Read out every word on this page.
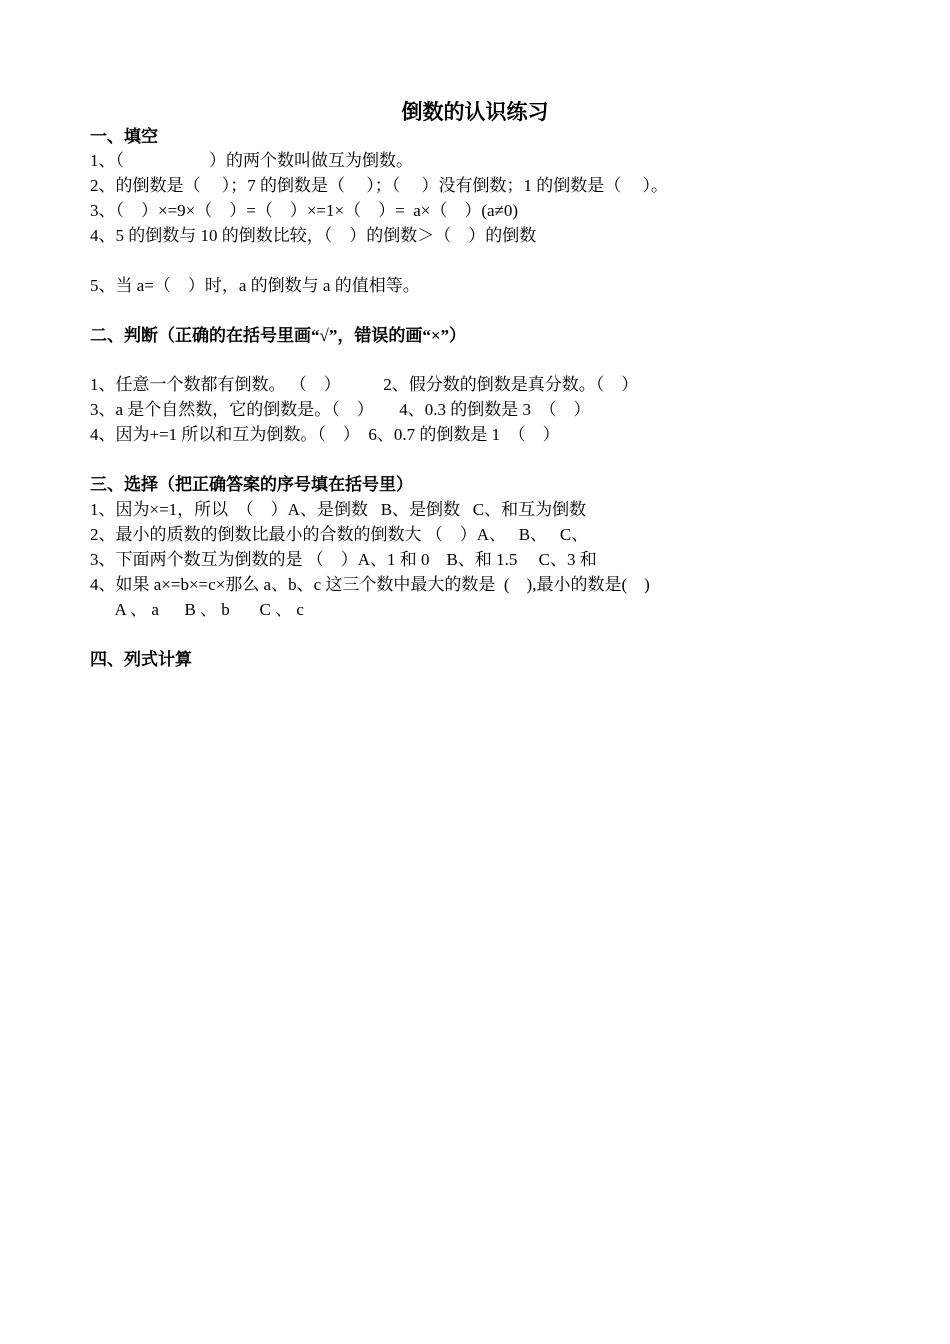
倒数的认识练习
一、填空
1、（　　　　　）的两个数叫做互为倒数。
2、的倒数是（　 ）；7 的倒数是（　 ）；（　 ）没有倒数；1 的倒数是（　 ）。
3、（　）×=9×（　）=（　）×=1×（　）=  a×（　）(a≠0)
4、5 的倒数与 10 的倒数比较，（　）的倒数＞（　）的倒数
5、当 a=（　）时，a 的倒数与 a 的值相等。
二、判断（正确的在括号里画“√”，错误的画“×”）
1、任意一个数都有倒数。 （　）　　　2、假分数的倒数是真分数。（　）
3、a 是个自然数，它的倒数是。（　）　　4、0.3 的倒数是 3　（　）
4、因为+=1 所以和互为倒数。（　）  6、0.7 的倒数是 1  （　）
三、选择（把正确答案的序号填在括号里）
1、因为×=1，所以  （　）A、是倒数   B、是倒数   C、和互为倒数
2、最小的质数的倒数比最小的合数的倒数大 （　）A、　 B、　 C、
3、下面两个数互为倒数的是 （　）A、1 和 0    B、和 1.5     C、3 和
4、如果 a×=b×=c×那么 a、b、c 这三个数中最大的数是  (　),最小的数是(　)
A 、 a      B 、 b       C 、 c
四、列式计算
